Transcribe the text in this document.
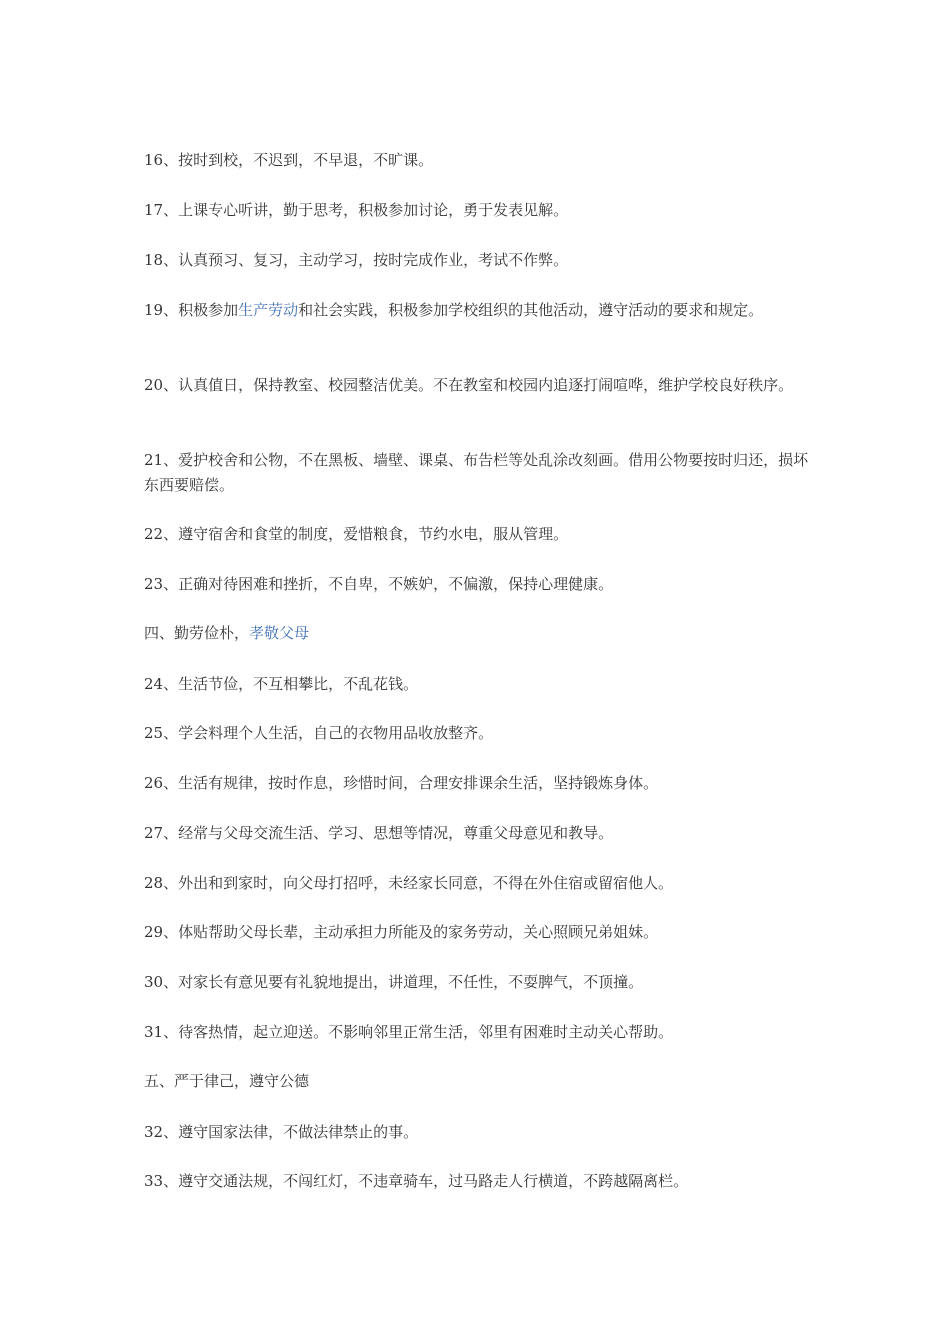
16、按时到校，不迟到，不早退，不旷课。

17、上课专心听讲，勤于思考，积极参加讨论，勇于发表见解。

18、认真预习、复习，主动学习，按时完成作业，考试不作弊。

19、积极参加生产劳动和社会实践，积极参加学校组织的其他活动，遵守活动的要求和规定。

20、认真值日，保持教室、校园整洁优美。不在教室和校园内追逐打闹喧哗，维护学校良好秩序。

21、爱护校舍和公物，不在黑板、墙壁、课桌、布告栏等处乱涂改刻画。借用公物要按时归还，损坏东西要赔偿。

22、遵守宿舍和食堂的制度，爱惜粮食，节约水电，服从管理。

23、正确对待困难和挫折，不自卑，不嫉妒，不偏激，保持心理健康。

四、勤劳俭朴，孝敬父母

24、生活节俭，不互相攀比，不乱花钱。

25、学会料理个人生活，自己的衣物用品收放整齐。

26、生活有规律，按时作息，珍惜时间，合理安排课余生活，坚持锻炼身体。

27、经常与父母交流生活、学习、思想等情况，尊重父母意见和教导。

28、外出和到家时，向父母打招呼，未经家长同意，不得在外住宿或留宿他人。

29、体贴帮助父母长辈，主动承担力所能及的家务劳动，关心照顾兄弟姐妹。

30、对家长有意见要有礼貌地提出，讲道理，不任性，不耍脾气，不顶撞。

31、待客热情，起立迎送。不影响邻里正常生活，邻里有困难时主动关心帮助。

五、严于律己，遵守公德

32、遵守国家法律，不做法律禁止的事。

33、遵守交通法规，不闯红灯，不违章骑车，过马路走人行横道，不跨越隔离栏。
